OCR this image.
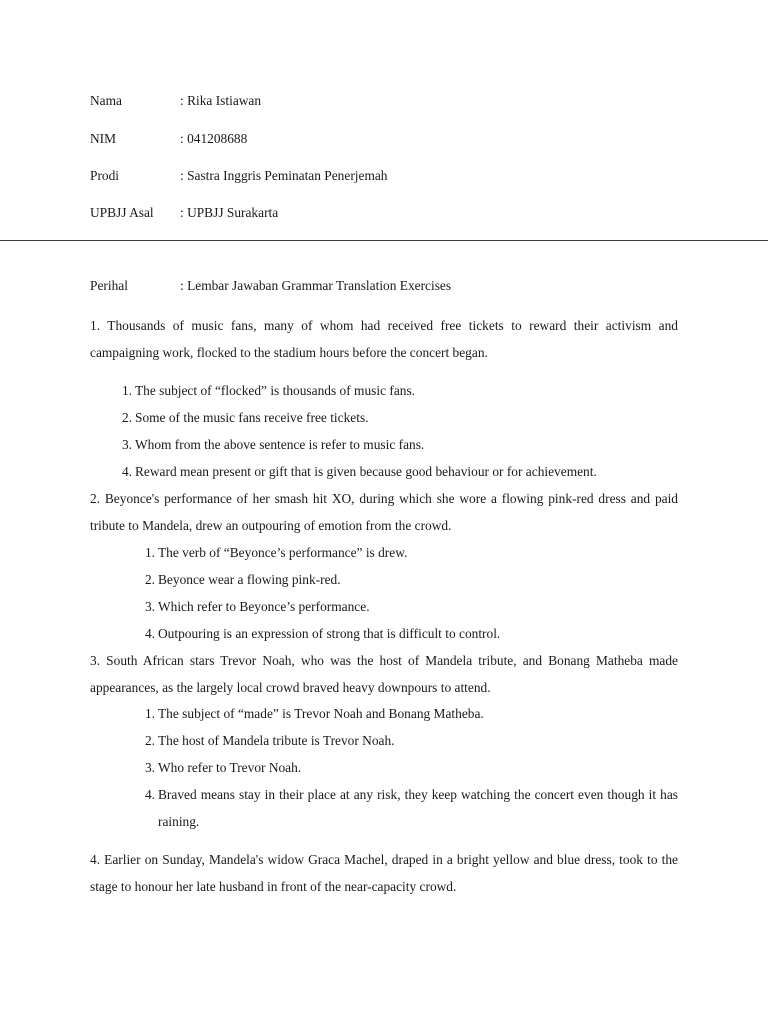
Nama	: Rika Istiawan
NIM	: 041208688
Prodi	: Sastra Inggris Peminatan Penerjemah
UPBJJ Asal : UPBJJ Surakarta
Perihal	: Lembar Jawaban Grammar Translation Exercises

1. Thousands of music fans, many of whom had received free tickets to reward their activism and campaigning work, flocked to the stadium hours before the concert began.

1. The subject of “flocked” is thousands of music fans.
2. Some of the music fans receive free tickets.
3. Whom from the above sentence is refer to music fans.
4. Reward mean present or gift that is given because good behaviour or for achievement.

2. Beyonce's performance of her smash hit XO, during which she wore a flowing pink-red dress and paid tribute to Mandela, drew an outpouring of emotion from the crowd.

1. The verb of “Beyonce’s performance” is drew.
2. Beyonce wear a flowing pink-red.
3. Which refer to Beyonce’s performance.
4. Outpouring is an expression of strong that is difficult to control.

3. South African stars Trevor Noah, who was the host of Mandela tribute, and Bonang Matheba made appearances, as the largely local crowd braved heavy downpours to attend.

1. The subject of “made” is Trevor Noah and Bonang Matheba.
2. The host of Mandela tribute is Trevor Noah.
3. Who refer to Trevor Noah.
4. Braved means stay in their place at any risk, they keep watching the concert even though it has raining.

4. Earlier on Sunday, Mandela's widow Graca Machel, draped in a bright yellow and blue dress, took to the stage to honour her late husband in front of the near-capacity crowd.
